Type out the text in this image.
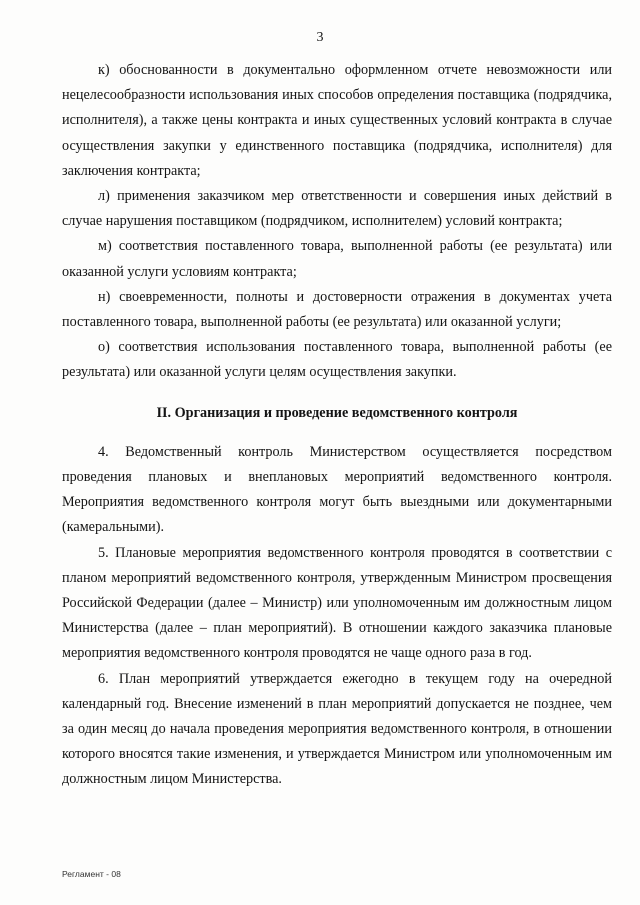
3

к) обоснованности в документально оформленном отчете невозможности или нецелесообразности использования иных способов определения поставщика (подрядчика, исполнителя), а также цены контракта и иных существенных условий контракта в случае осуществления закупки у единственного поставщика (подрядчика, исполнителя) для заключения контракта;

л) применения заказчиком мер ответственности и совершения иных действий в случае нарушения поставщиком (подрядчиком, исполнителем) условий контракта;

м) соответствия поставленного товара, выполненной работы (ее результата) или оказанной услуги условиям контракта;

н) своевременности, полноты и достоверности отражения в документах учета поставленного товара, выполненной работы (ее результата) или оказанной услуги;

о) соответствия использования поставленного товара, выполненной работы (ее результата) или оказанной услуги целям осуществления закупки.

II. Организация и проведение ведомственного контроля

4. Ведомственный контроль Министерством осуществляется посредством проведения плановых и внеплановых мероприятий ведомственного контроля. Мероприятия ведомственного контроля могут быть выездными или документарными (камеральными).

5. Плановые мероприятия ведомственного контроля проводятся в соответствии с планом мероприятий ведомственного контроля, утвержденным Министром просвещения Российской Федерации (далее – Министр) или уполномоченным им должностным лицом Министерства (далее – план мероприятий). В отношении каждого заказчика плановые мероприятия ведомственного контроля проводятся не чаще одного раза в год.

6. План мероприятий утверждается ежегодно в текущем году на очередной календарный год. Внесение изменений в план мероприятий допускается не позднее, чем за один месяц до начала проведения мероприятия ведомственного контроля, в отношении которого вносятся такие изменения, и утверждается Министром или уполномоченным им должностным лицом Министерства.

Регламент - 08
